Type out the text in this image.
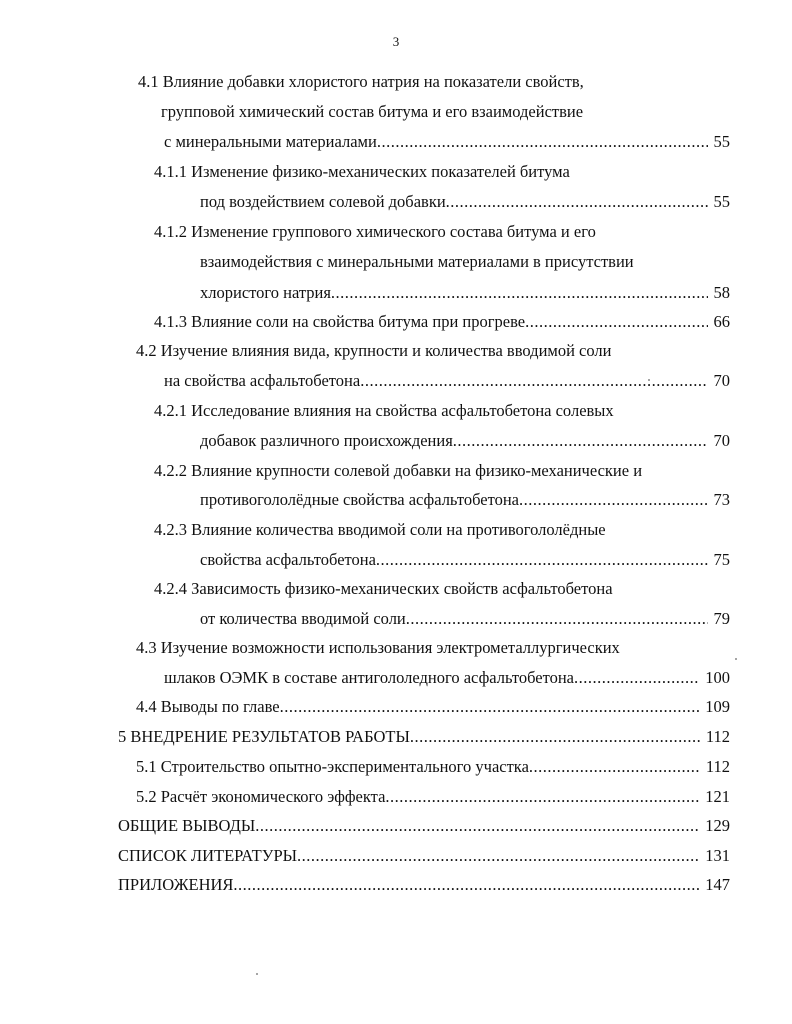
3
4.1 Влияние добавки хлористого натрия на показатели свойств,
групповой химический состав битума и его взаимодействие
с минеральными материалами .....	55
4.1.1 Изменение физико-механических показателей битума
под воздействием солевой добавки .....	55
4.1.2 Изменение группового химического состава битума и его
взаимодействия с минеральными материалами в присутствии
хлористого натрия .....	58
4.1.3 Влияние соли на свойства битума при прогреве .....	66
4.2 Изучение влияния вида, крупности и количества вводимой соли
на свойства асфальтобетона .....	70
4.2.1 Исследование влияния на свойства асфальтобетона солевых
добавок различного происхождения .....	70
4.2.2 Влияние крупности солевой добавки на физико-механические и
противогололёдные свойства асфальтобетона .....	73
4.2.3 Влияние количества вводимой соли на противогололёдные
свойства асфальтобетона .....	75
4.2.4 Зависимость физико-механических свойств асфальтобетона
от количества вводимой соли .....	79
4.3 Изучение возможности использования электрометаллургических
шлаков ОЭМК в составе антигололедного асфальтобетона .....	100
4.4 Выводы по главе .....	109
5 ВНЕДРЕНИЕ РЕЗУЛЬТАТОВ РАБОТЫ .....	112
5.1 Строительство опытно-экспериментального участка .....	112
5.2 Расчёт экономического эффекта .....	121
ОБЩИЕ ВЫВОДЫ .....	129
СПИСОК ЛИТЕРАТУРЫ .....	131
ПРИЛОЖЕНИЯ .....	147
